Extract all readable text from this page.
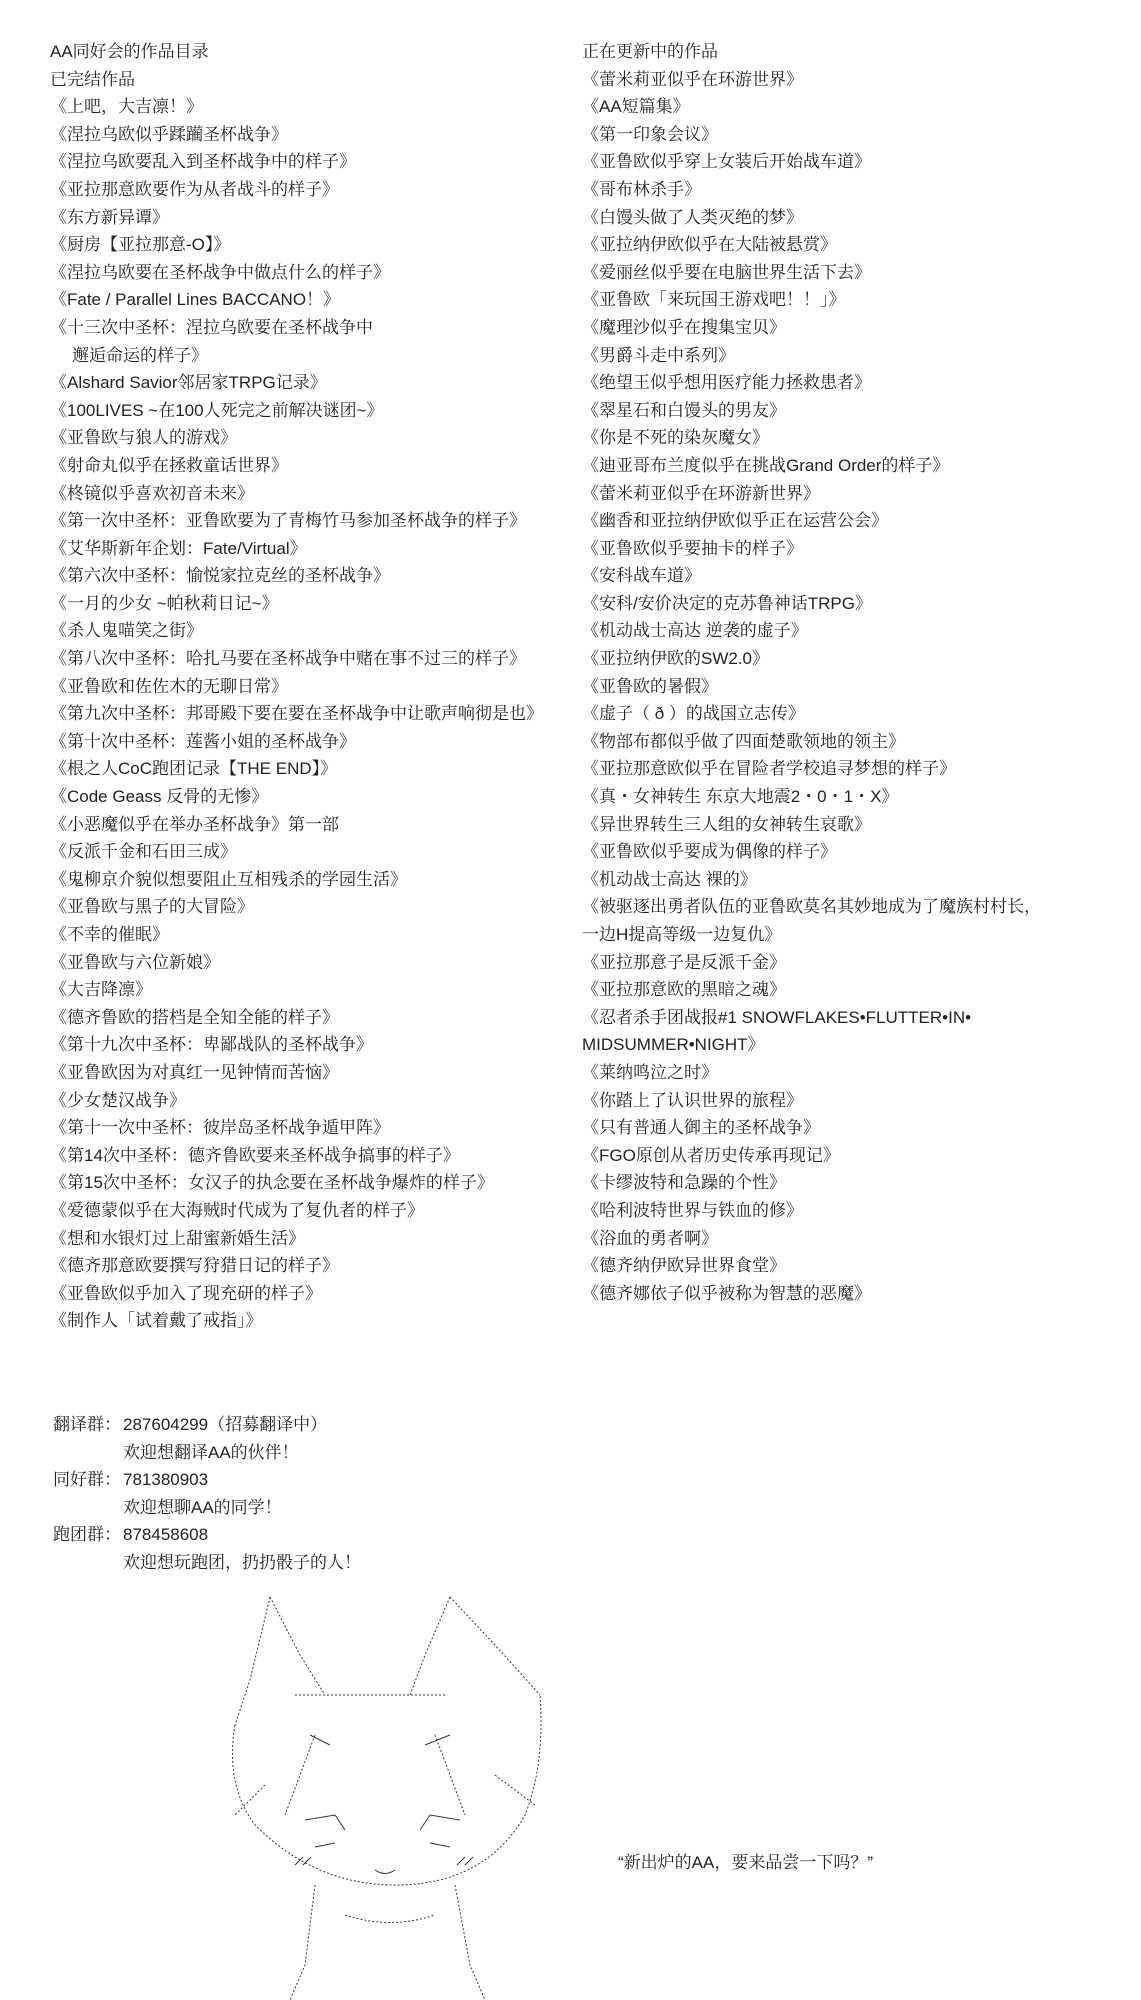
AA同好会的作品目录
已完结作品
《上吧，大吉凛！》
《涅拉乌欧似乎蹂躏圣杯战争》
《涅拉乌欧要乱入到圣杯战争中的样子》
《亚拉那意欧要作为从者战斗的样子》
《东方新异谭》
《厨房【亚拉那意-O】》
《涅拉乌欧要在圣杯战争中做点什么的样子》
《Fate / Parallel Lines BACCANO！》
《十三次中圣杯：涅拉乌欧要在圣杯战争中
邂逅命运的样子》
《Alshard Savior邻居家TRPG记录》
《100LIVES ~在100人死完之前解决谜团~》
《亚鲁欧与狼人的游戏》
《射命丸似乎在拯救童话世界》
《柊镜似乎喜欢初音未来》
《第一次中圣杯：亚鲁欧要为了青梅竹马参加圣杯战争的样子》
《艾华斯新年企划：Fate/Virtual》
《第六次中圣杯：愉悦家拉克丝的圣杯战争》
《一月的少女 ~帕秋莉日记~》
《杀人鬼喵笑之街》
《第八次中圣杯：哈扎马要在圣杯战争中赌在事不过三的样子》
《亚鲁欧和佐佐木的无聊日常》
《第九次中圣杯：邦哥殿下要在要在圣杯战争中让歌声响彻是也》
《第十次中圣杯：莲酱小姐的圣杯战争》
《根之人CoC跑团记录【THE END】》
《Code Geass 反骨的无惨》
《小恶魔似乎在举办圣杯战争》第一部
《反派千金和石田三成》
《鬼柳京介貌似想要阻止互相残杀的学园生活》
《亚鲁欧与黑子的大冒险》
《不幸的催眠》
《亚鲁欧与六位新娘》
《大吉降凛》
《德齐鲁欧的搭档是全知全能的样子》
《第十九次中圣杯：卑鄙战队的圣杯战争》
《亚鲁欧因为对真红一见钟情而苦恼》
《少女楚汉战争》
《第十一次中圣杯：彼岸岛圣杯战争遁甲阵》
《第14次中圣杯：德齐鲁欧要来圣杯战争搞事的样子》
《第15次中圣杯：女汉子的执念要在圣杯战争爆炸的样子》
《爱德蒙似乎在大海贼时代成为了复仇者的样子》
《想和水银灯过上甜蜜新婚生活》
《德齐那意欧要撰写狩猎日记的样子》
《亚鲁欧似乎加入了现充研的样子》
《制作人「试着戴了戒指」》
正在更新中的作品
《蕾米莉亚似乎在环游世界》
《AA短篇集》
《第一印象会议》
《亚鲁欧似乎穿上女装后开始战车道》
《哥布林杀手》
《白馒头做了人类灭绝的梦》
《亚拉纳伊欧似乎在大陆被悬赏》
《爱丽丝似乎要在电脑世界生活下去》
《亚鲁欧「来玩国王游戏吧！！」》
《魔理沙似乎在搜集宝贝》
《男爵斗走中系列》
《绝望王似乎想用医疗能力拯救患者》
《翠星石和白馒头的男友》
《你是不死的染灰魔女》
《迪亚哥布兰度似乎在挑战Grand Order的样子》
《蕾米莉亚似乎在环游新世界》
《幽香和亚拉纳伊欧似乎正在运营公会》
《亚鲁欧似乎要抽卡的样子》
《安科战车道》
《安科/安价决定的克苏鲁神话TRPG》
《机动战士高达 逆袭的虚子》
《亚拉纳伊欧的SW2.0》
《亚鲁欧的暑假》
《虚子（ ð ）的战国立志传》
《物部布都似乎做了四面楚歌领地的领主》
《亚拉那意欧似乎在冒险者学校追寻梦想的样子》
《真・女神转生 东京大地震2・0・1・X》
《异世界转生三人组的女神转生哀歌》
《亚鲁欧似乎要成为偶像的样子》
《机动战士高达 裸的》
《被驱逐出勇者队伍的亚鲁欧莫名其妙地成为了魔族村村长，
一边H提高等级一边复仇》
《亚拉那意子是反派千金》
《亚拉那意欧的黑暗之魂》
《忍者杀手团战报#1 SNOWFLAKES•FLUTTER•IN•
MIDSUMMER•NIGHT》
《莱纳鸣泣之时》
《你踏上了认识世界的旅程》
《只有普通人御主的圣杯战争》
《FGO原创从者历史传承再现记》
《卡缪波特和急躁的个性》
《哈利波特世界与铁血的修》
《浴血的勇者啊》
《德齐纳伊欧异世界食堂》
《德齐娜依子似乎被称为智慧的恶魔》
翻译群： 287604299（招募翻译中）
欢迎想翻译AA的伙伴！
同好群： 781380903
欢迎想聊AA的同学！
跑团群： 878458608
欢迎想玩跑团，扔扔骰子的人！
“新出炉的AA，要来品尝一下吗？”
